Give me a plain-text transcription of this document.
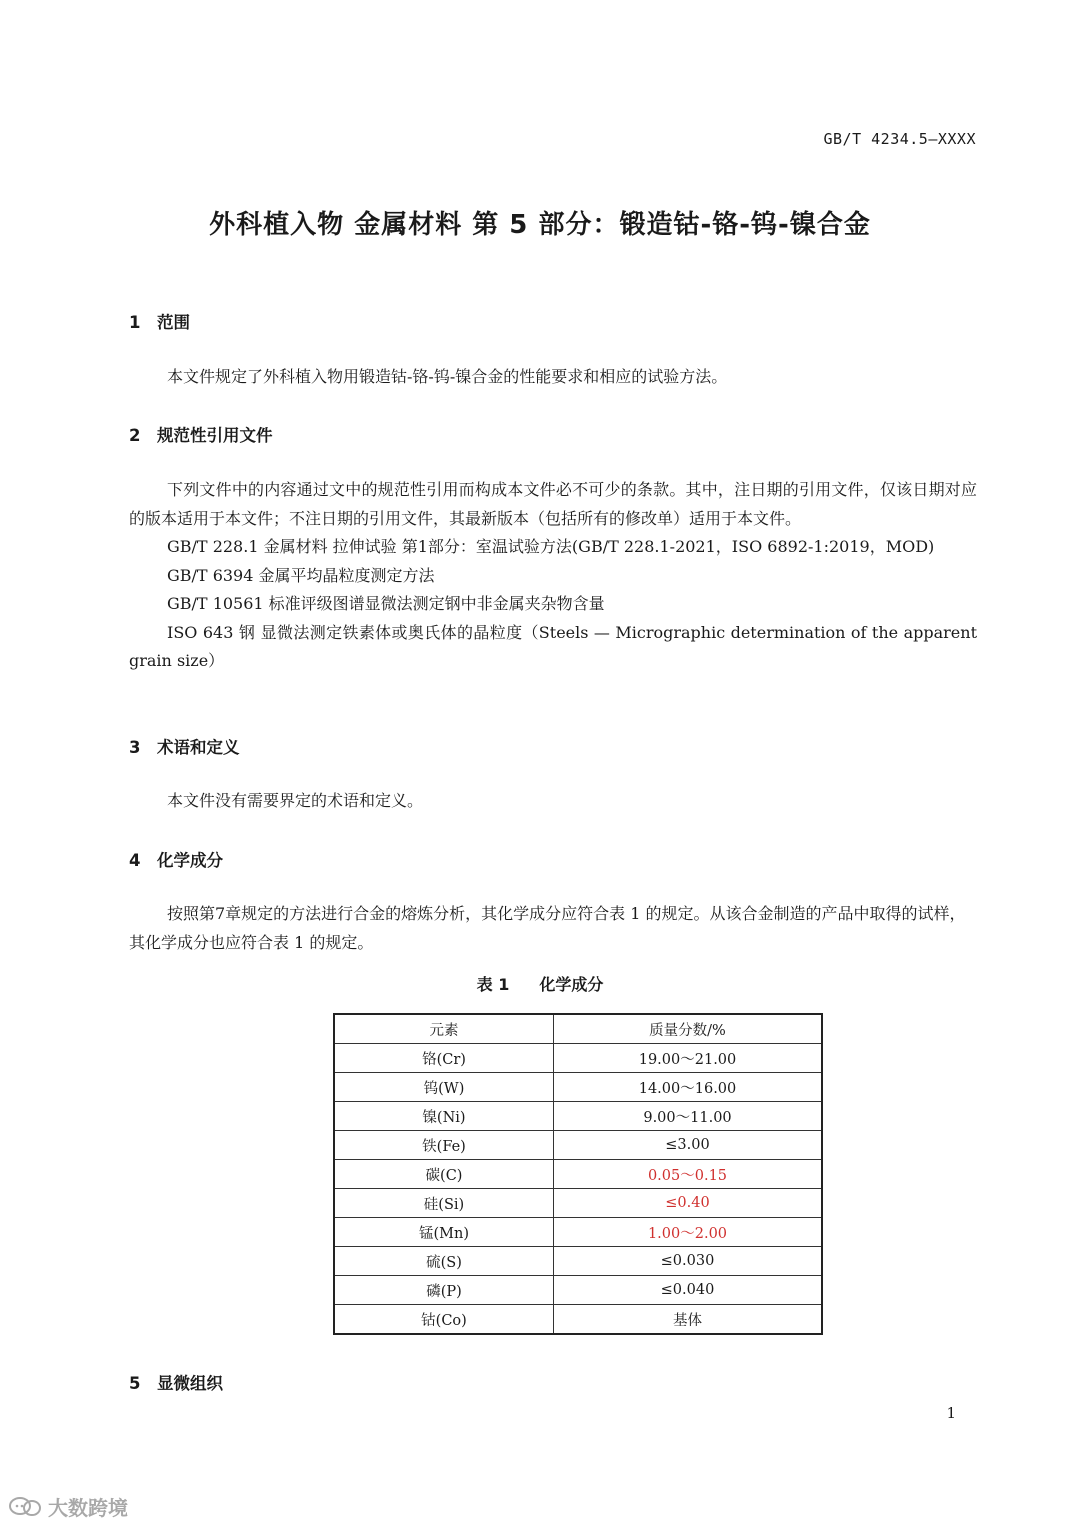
GB/T 4234.5—XXXX
外科植入物 金属材料 第 5 部分：锻造钴-铬-钨-镍合金
1 范围
本文件规定了外科植入物用锻造钴-铬-钨-镍合金的性能要求和相应的试验方法。
2 规范性引用文件

下列文件中的内容通过文中的规范性引用而构成本文件必不可少的条款。其中，注日期的引用文件，仅该日期对应的版本适用于本文件；不注日期的引用文件，其最新版本（包括所有的修改单）适用于本文件。

GB/T 228.1 金属材料 拉伸试验 第1部分：室温试验方法(GB/T 228.1-2021，ISO 6892-1:2019，MOD)

GB/T 6394 金属平均晶粒度测定方法

GB/T 10561 标准评级图谱显微法测定钢中非金属夹杂物含量

ISO 643 钢 显微法测定铁素体或奥氏体的晶粒度（Steels — Micrographic determination of the apparent grain size）

3 术语和定义
本文件没有需要界定的术语和定义。
4 化学成分
按照第7章规定的方法进行合金的熔炼分析，其化学成分应符合表 1 的规定。从该合金制造的产品中取得的试样，其化学成分也应符合表 1 的规定。
表 1 化学成分
元素	质量分数/%
铬(Cr)	19.00～21.00
钨(W)	14.00～16.00
镍(Ni)	9.00～11.00
铁(Fe)	≤3.00
碳(C)	0.05～0.15
硅(Si)	≤0.40
锰(Mn)	1.00～2.00
硫(S)	≤0.030
磷(P)	≤0.040
钴(Co)	基体
5 显微组织
1
大数跨境
